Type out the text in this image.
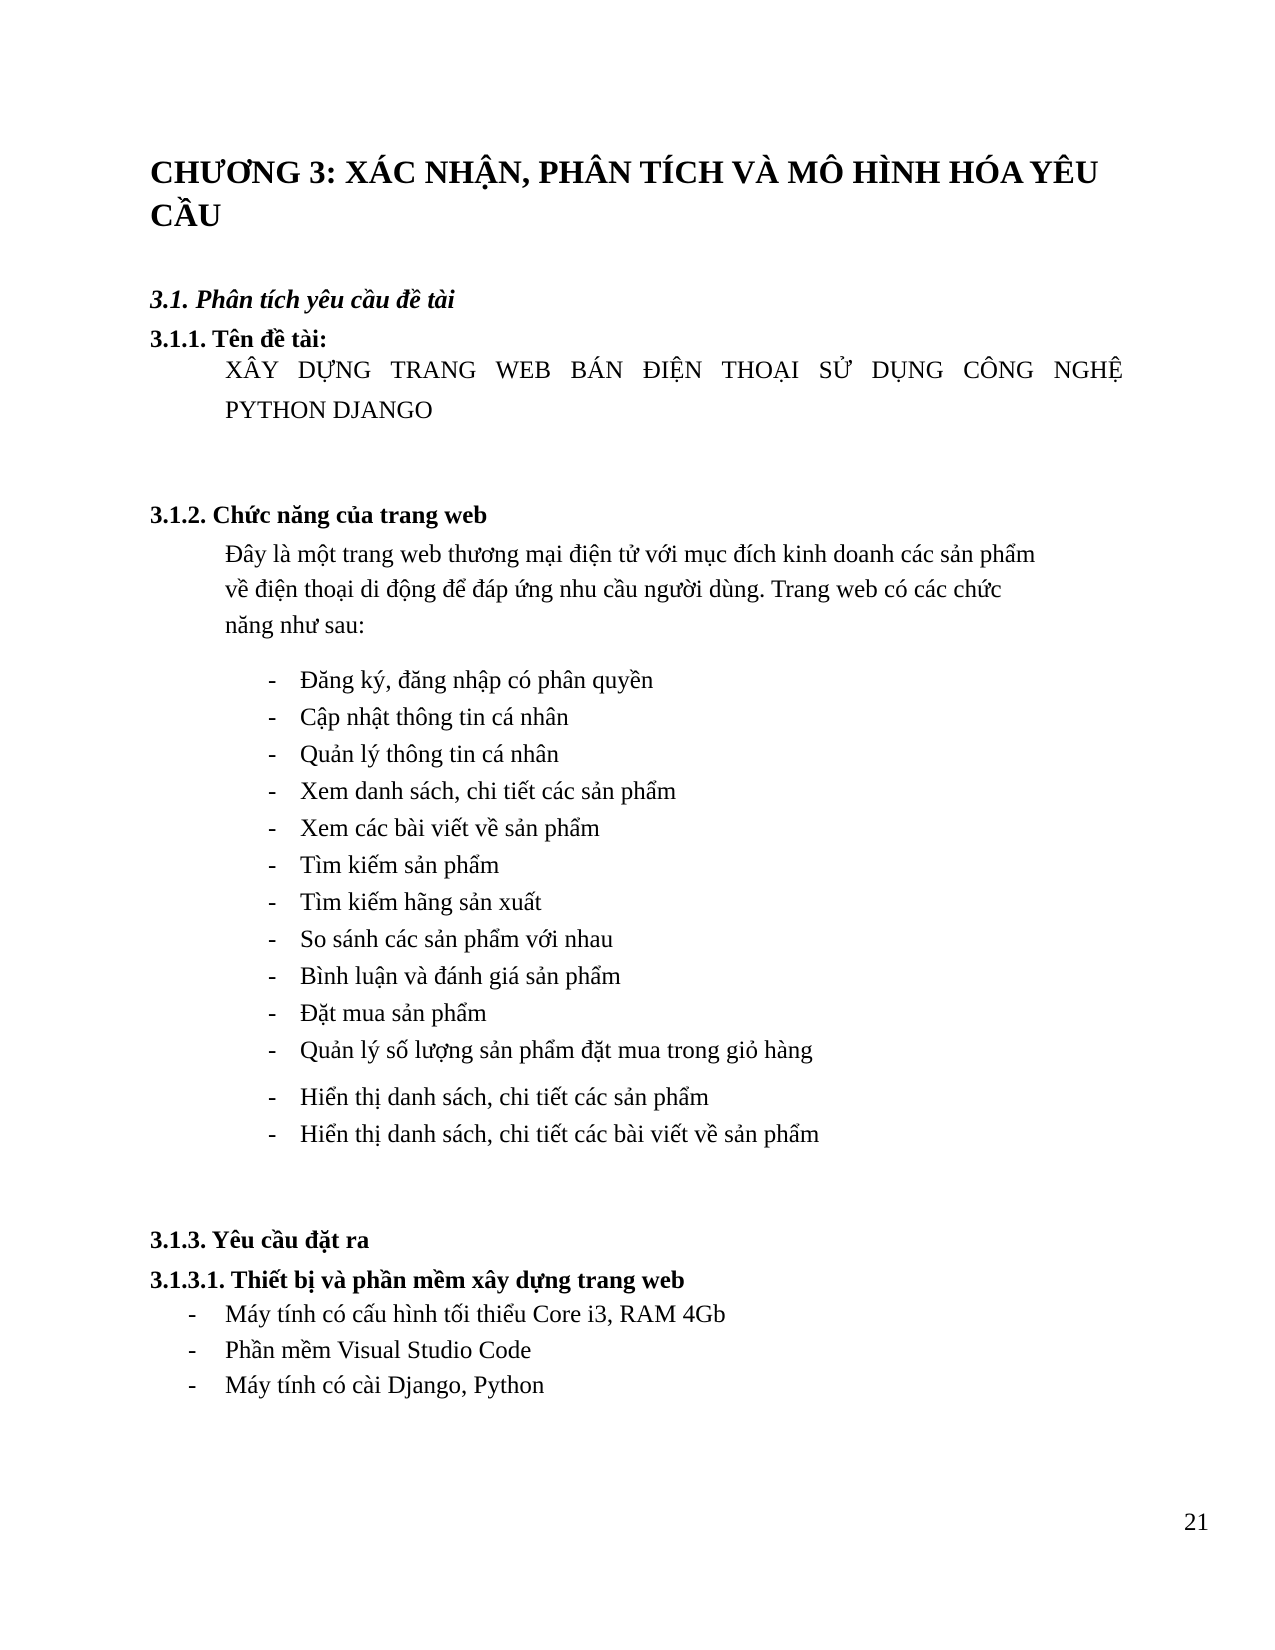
CHƯƠNG 3: XÁC NHẬN, PHÂN TÍCH VÀ MÔ HÌNH HÓA YÊU CẦU
3.1. Phân tích yêu cầu đề tài
3.1.1. Tên đề tài:
XÂY DỰNG TRANG WEB BÁN ĐIỆN THOẠI SỬ DỤNG CÔNG NGHỆ
PYTHON DJANGO
3.1.2. Chức năng của trang web
Đây là một trang web thương mại điện tử với mục đích kinh doanh các sản phẩm
về điện thoại di động để đáp ứng nhu cầu người dùng. Trang web có các chức
năng như sau:
- Đăng ký, đăng nhập có phân quyền
- Cập nhật thông tin cá nhân
- Quản lý thông tin cá nhân
- Xem danh sách, chi tiết các sản phẩm
- Xem các bài viết về sản phẩm
- Tìm kiếm sản phẩm
- Tìm kiếm hãng sản xuất
- So sánh các sản phẩm với nhau
- Bình luận và đánh giá sản phẩm
- Đặt mua sản phẩm
- Quản lý số lượng sản phẩm đặt mua trong giỏ hàng
- Hiển thị danh sách, chi tiết các sản phẩm
- Hiển thị danh sách, chi tiết các bài viết về sản phẩm
3.1.3. Yêu cầu đặt ra
3.1.3.1. Thiết bị và phần mềm xây dựng trang web
- Máy tính có cấu hình tối thiểu Core i3, RAM 4Gb
- Phần mềm Visual Studio Code
- Máy tính có cài Django, Python
21
